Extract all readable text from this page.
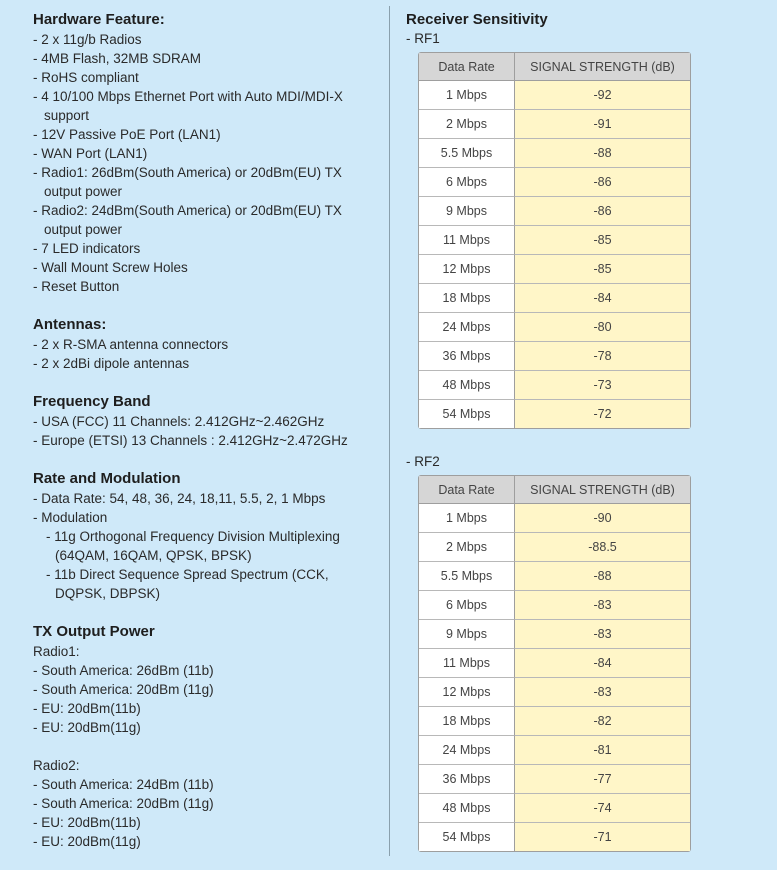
Hardware Feature:
- 2 x 11g/b Radios
- 4MB Flash, 32MB SDRAM
- RoHS compliant
- 4 10/100 Mbps Ethernet Port with Auto MDI/MDI-X
support
- 12V Passive PoE Port (LAN1)
- WAN Port (LAN1)
- Radio1: 26dBm(South America) or 20dBm(EU) TX
output power
- Radio2: 24dBm(South America) or 20dBm(EU) TX
output power
- 7 LED indicators
- Wall Mount Screw Holes
- Reset Button
Antennas:
- 2 x R-SMA antenna connectors
- 2 x 2dBi dipole antennas
Frequency Band
- USA (FCC) 11 Channels: 2.412GHz~2.462GHz
- Europe (ETSI) 13 Channels : 2.412GHz~2.472GHz
Rate and Modulation
- Data Rate: 54, 48, 36, 24, 18,11, 5.5, 2, 1 Mbps
- Modulation
- 11g Orthogonal Frequency Division Multiplexing
(64QAM, 16QAM, QPSK, BPSK)
- 11b Direct Sequence Spread Spectrum (CCK,
DQPSK, DBPSK)
TX Output Power
Radio1:
- South America: 26dBm (11b)
- South America: 20dBm (11g)
- EU: 20dBm(11b)
- EU: 20dBm(11g)
Radio2:
- South America: 24dBm (11b)
- South America: 20dBm (11g)
- EU: 20dBm(11b)
- EU: 20dBm(11g)
Receiver Sensitivity
- RF1
Data Rate	SIGNAL STRENGTH (dB)
1 Mbps	-92
2 Mbps	-91
5.5 Mbps	-88
6 Mbps	-86
9 Mbps	-86
11 Mbps	-85
12 Mbps	-85
18 Mbps	-84
24 Mbps	-80
36 Mbps	-78
48 Mbps	-73
54 Mbps	-72
- RF2
Data Rate	SIGNAL STRENGTH (dB)
1 Mbps	-90
2 Mbps	-88.5
5.5 Mbps	-88
6 Mbps	-83
9 Mbps	-83
11 Mbps	-84
12 Mbps	-83
18 Mbps	-82
24 Mbps	-81
36 Mbps	-77
48 Mbps	-74
54 Mbps	-71
